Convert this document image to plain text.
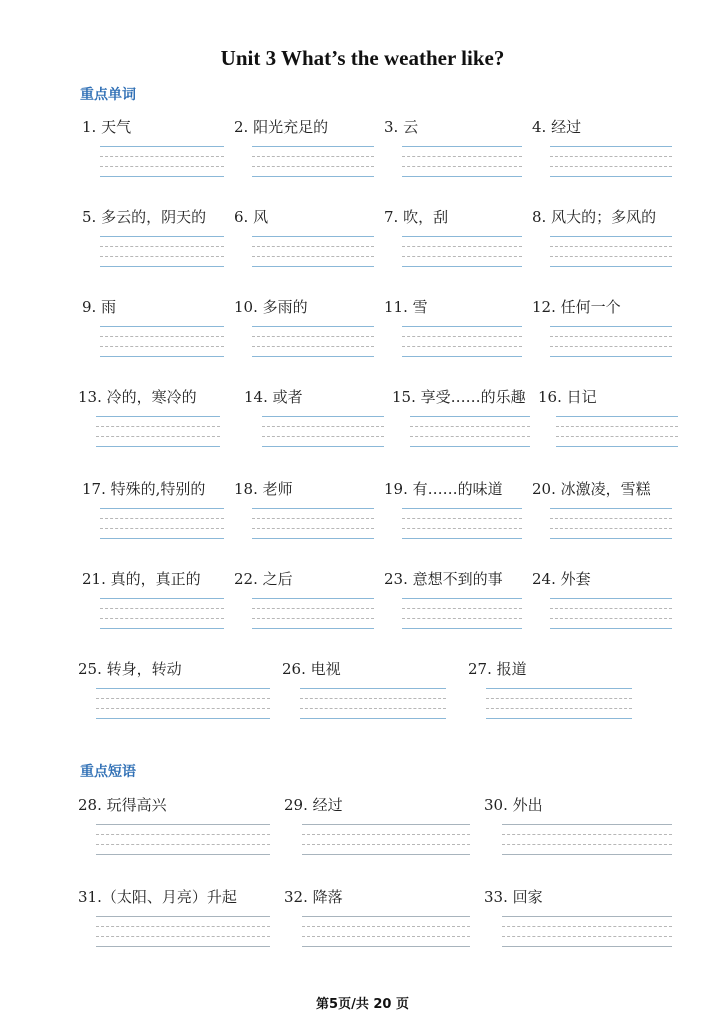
Unit 3 What’s the weather like?
重点单词
重点短语
1. 天气	2. 阳光充足的	3. 云	4. 经过
5. 多云的，阴天的	6. 风	7. 吹，刮	8. 风大的；多风的
9. 雨	10. 多雨的	11. 雪	12. 任何一个
13. 冷的，寒冷的	14. 或者	15. 享受……的乐趣 16. 日记
17. 特殊的,特别的	18. 老师	19. 有……的味道	20. 冰激凌，雪糕
21. 真的，真正的	22. 之后	23. 意想不到的事	24. 外套
25. 转身，转动	26. 电视	27. 报道
28. 玩得高兴	29. 经过	30. 外出
31.（太阳、月亮）升起	32. 降落	33. 回家
第5页/共 20 页
